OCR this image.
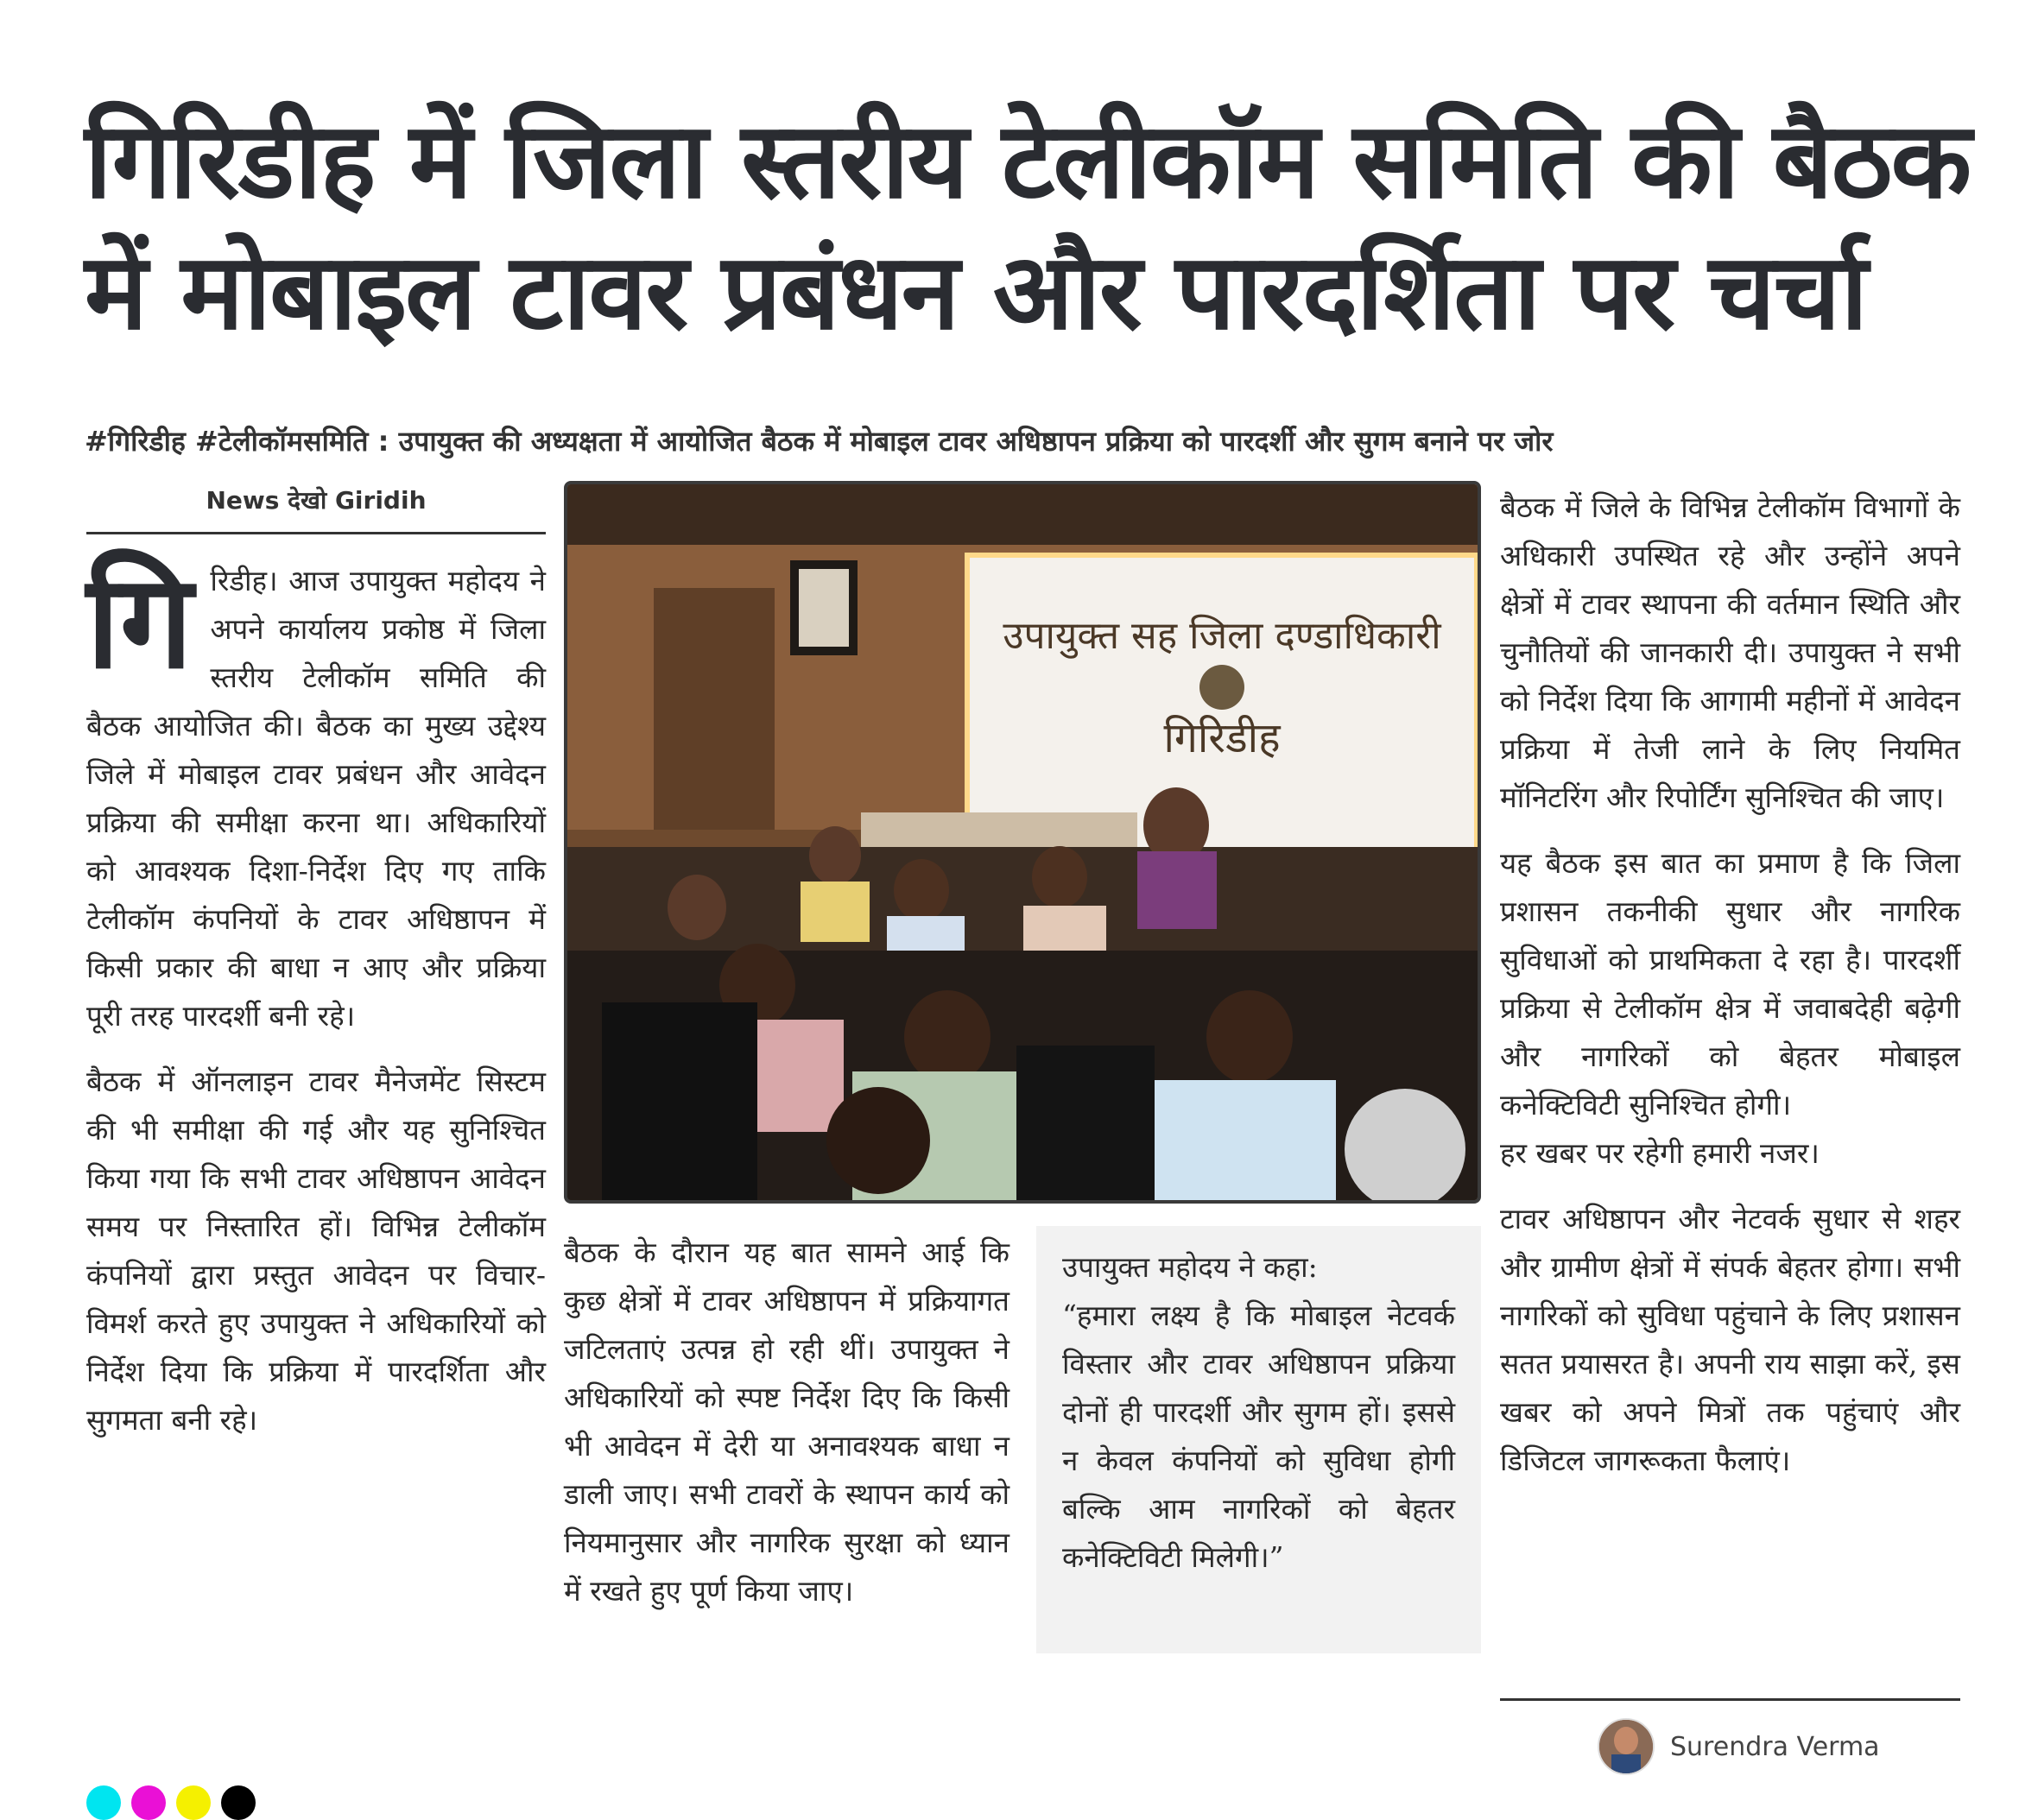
गिरिडीह में जिला स्तरीय टेलीकॉम समिति की बैठक
में मोबाइल टावर प्रबंधन और पारदर्शिता पर चर्चा

#गिरिडीह #टेलीकॉमसमिति : उपायुक्त की अध्यक्षता में आयोजित बैठक में मोबाइल टावर अधिष्ठापन प्रक्रिया को पारदर्शी और सुगम बनाने पर जोर

News देखो Giridih

गिरिडीह। आज उपायुक्त महोदय ने अपने कार्यालय प्रकोष्ठ में जिला स्तरीय टेलीकॉम समिति की बैठक आयोजित की। बैठक का मुख्य उद्देश्य जिले में मोबाइल टावर प्रबंधन और आवेदन प्रक्रिया की समीक्षा करना था। अधिकारियों को आवश्यक दिशा-निर्देश दिए गए ताकि टेलीकॉम कंपनियों के टावर अधिष्ठापन में किसी प्रकार की बाधा न आए और प्रक्रिया पूरी तरह पारदर्शी बनी रहे।

बैठक में ऑनलाइन टावर मैनेजमेंट सिस्टम की भी समीक्षा की गई और यह सुनिश्चित किया गया कि सभी टावर अधिष्ठापन आवेदन समय पर निस्तारित हों। विभिन्न टेलीकॉम कंपनियों द्वारा प्रस्तुत आवेदन पर विचार-विमर्श करते हुए उपायुक्त ने अधिकारियों को निर्देश दिया कि प्रक्रिया में पारदर्शिता और सुगमता बनी रहे।

उपायुक्त सह जिला दण्डाधिकारी
गिरिडीह

बैठक के दौरान यह बात सामने आई कि कुछ क्षेत्रों में टावर अधिष्ठापन में प्रक्रियागत जटिलताएं उत्पन्न हो रही थीं। उपायुक्त ने अधिकारियों को स्पष्ट निर्देश दिए कि किसी भी आवेदन में देरी या अनावश्यक बाधा न डाली जाए। सभी टावरों के स्थापन कार्य को नियमानुसार और नागरिक सुरक्षा को ध्यान में रखते हुए पूर्ण किया जाए।

उपायुक्त महोदय ने कहा:
“हमारा लक्ष्य है कि मोबाइल नेटवर्क विस्तार और टावर अधिष्ठापन प्रक्रिया दोनों ही पारदर्शी और सुगम हों। इससे न केवल कंपनियों को सुविधा होगी बल्कि आम नागरिकों को बेहतर कनेक्टिविटी मिलेगी।”

बैठक में जिले के विभिन्न टेलीकॉम विभागों के अधिकारी उपस्थित रहे और उन्होंने अपने क्षेत्रों में टावर स्थापना की वर्तमान स्थिति और चुनौतियों की जानकारी दी। उपायुक्त ने सभी को निर्देश दिया कि आगामी महीनों में आवेदन प्रक्रिया में तेजी लाने के लिए नियमित मॉनिटरिंग और रिपोर्टिंग सुनिश्चित की जाए।

यह बैठक इस बात का प्रमाण है कि जिला प्रशासन तकनीकी सुधार और नागरिक सुविधाओं को प्राथमिकता दे रहा है। पारदर्शी प्रक्रिया से टेलीकॉम क्षेत्र में जवाबदेही बढ़ेगी और नागरिकों को बेहतर मोबाइल कनेक्टिविटी सुनिश्चित होगी।
हर खबर पर रहेगी हमारी नजर।

टावर अधिष्ठापन और नेटवर्क सुधार से शहर और ग्रामीण क्षेत्रों में संपर्क बेहतर होगा। सभी नागरिकों को सुविधा पहुंचाने के लिए प्रशासन सतत प्रयासरत है। अपनी राय साझा करें, इस खबर को अपने मित्रों तक पहुंचाएं और डिजिटल जागरूकता फैलाएं।

Surendra Verma
